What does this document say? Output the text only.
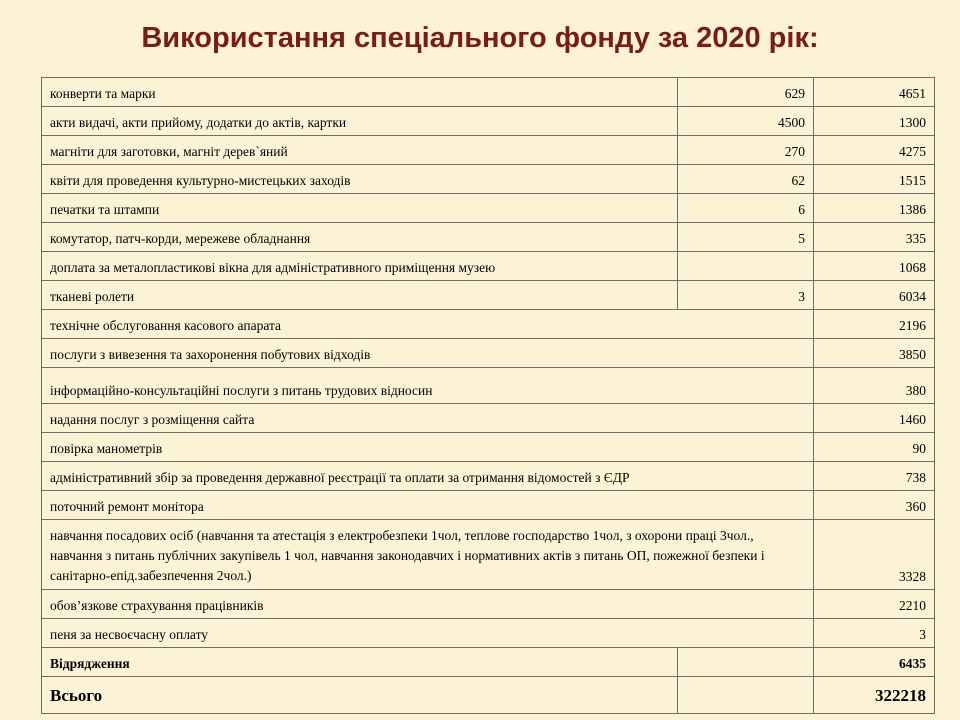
Використання спеціального фонду за 2020 рік:
конверти та марки	629	4651
акти видачі, акти прийому, додатки до актів, картки	4500	1300
магніти для заготовки, магніт дерев`яний	270	4275
квіти для проведення культурно-мистецьких заходів	62	1515
печатки та штампи	6	1386
комутатор, патч-корди, мережеве обладнання	5	335
доплата за металопластикові вікна для адміністративного приміщення музею		1068
тканеві ролети	3	6034
технічне обслуговання касового апарата		2196
послуги з вивезення та захоронення побутових відходів		3850
інформаційно-консультаційні послуги з питань трудових відносин		380
надання послуг з розміщення сайта		1460
повірка манометрів		90
адміністративний збір за проведення державної реєстрації та оплати за отримання відомостей з ЄДР		738
поточний ремонт монітора		360
навчання посадових осіб (навчання та атестація з електробезпеки 1чол, теплове господарство 1чол, з охорони праці 3чол., навчання з питань публічних закупівель 1 чол, навчання законодавчих і нормативних актів з питань ОП, пожежної безпеки і санітарно-епід.забезпечення 2чол.)		3328
обов’язкове страхування працівників		2210
пеня за несвоєчасну оплату		3
Відрядження		6435
Всього		322218
